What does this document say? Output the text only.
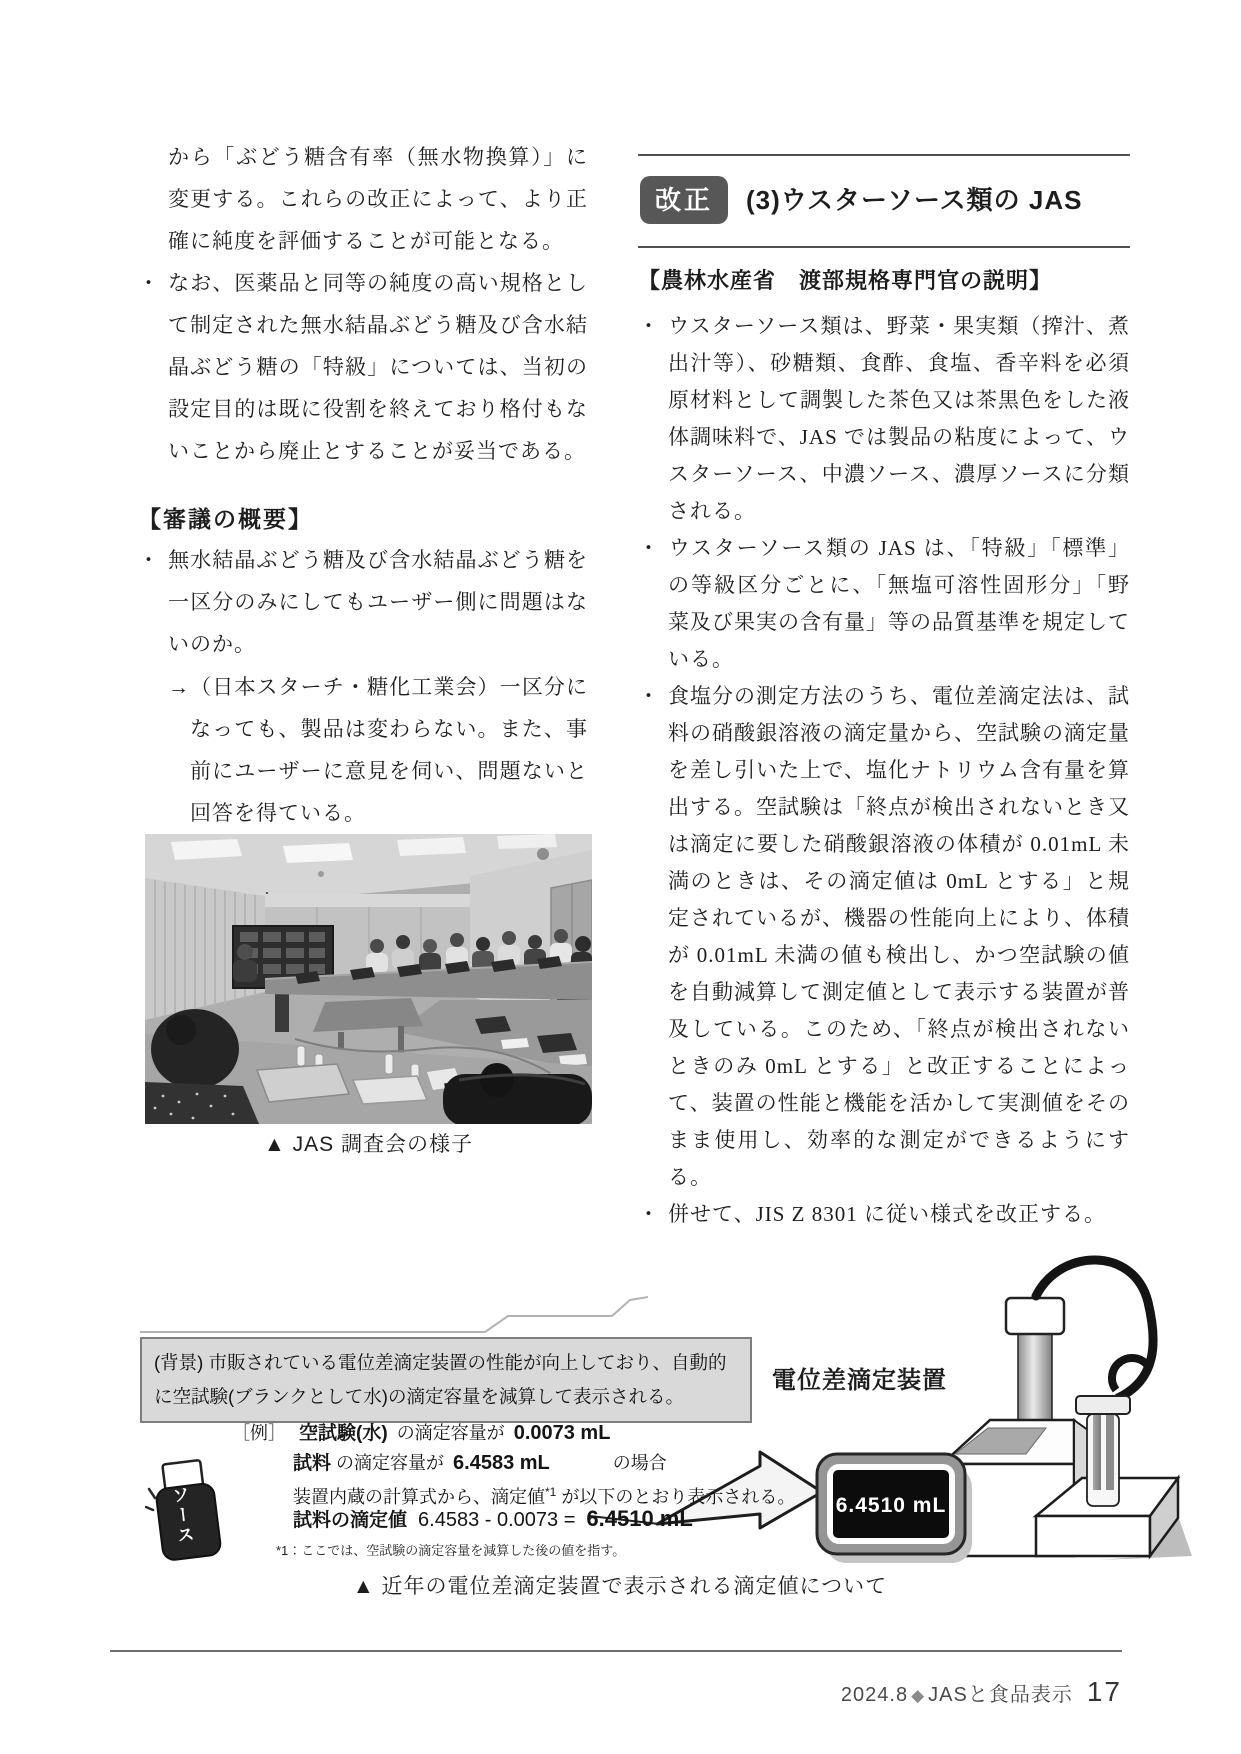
から「ぶどう糖含有率（無水物換算）」に変更する。これらの改正によって、より正確に純度を評価することが可能となる。

・ なお、医薬品と同等の純度の高い規格として制定された無水結晶ぶどう糖及び含水結晶ぶどう糖の「特級」については、当初の設定目的は既に役割を終えており格付もないことから廃止とすることが妥当である。

【審議の概要】

・ 無水結晶ぶどう糖及び含水結晶ぶどう糖を一区分のみにしてもユーザー側に問題はないのか。

→（日本スターチ・糖化工業会）一区分になっても、製品は変わらない。また、事前にユーザーに意見を伺い、問題ないと回答を得ている。

▲ JAS 調査会の様子
改正	(3)ウスターソース類の JAS

【農林水産省　渡部規格専門官の説明】

・ ウスターソース類は、野菜・果実類（搾汁、煮出汁等）、砂糖類、食酢、食塩、香辛料を必須原材料として調製した茶色又は茶黒色をした液体調味料で、JAS では製品の粘度によって、ウスターソース、中濃ソース、濃厚ソースに分類される。

・ ウスターソース類の JAS は、「特級」「標準」の等級区分ごとに、「無塩可溶性固形分」「野菜及び果実の含有量」等の品質基準を規定している。

・ 食塩分の測定方法のうち、電位差滴定法は、試料の硝酸銀溶液の滴定量から、空試験の滴定量を差し引いた上で、塩化ナトリウム含有量を算出する。空試験は「終点が検出されないとき又は滴定に要した硝酸銀溶液の体積が 0.01mL 未満のときは、その滴定値は 0mL とする」と規定されているが、機器の性能向上により、体積が 0.01mL 未満の値も検出し、かつ空試験の値を自動減算して測定値として表示する装置が普及している。このため、「終点が検出されないときのみ 0mL とする」と改正することによって、装置の性能と機能を活かして実測値をそのまま使用し、効率的な測定ができるようにする。

・ 併せて、JIS Z 8301 に従い様式を改正する。

(背景) 市販されている電位差滴定装置の性能が向上しており、自動的に空試験(ブランクとして水)の滴定容量を減算して表示される。
電位差滴定装置
6.4510 mL
ソース
［例］ 空試験(水) の滴定容量が 0.0073 mL
試料 の滴定容量が 6.4583 mL	の場合
装置内蔵の計算式から、滴定値$^{*1}$ が以下のとおり表示される。
試料の滴定値 6.4583 - 0.0073 = 6.4510 mL
*1：ここでは、空試験の滴定容量を減算した後の値を指す。
▲ 近年の電位差滴定装置で表示される滴定値について
2024.8 ◆ JASと食品表示 17
